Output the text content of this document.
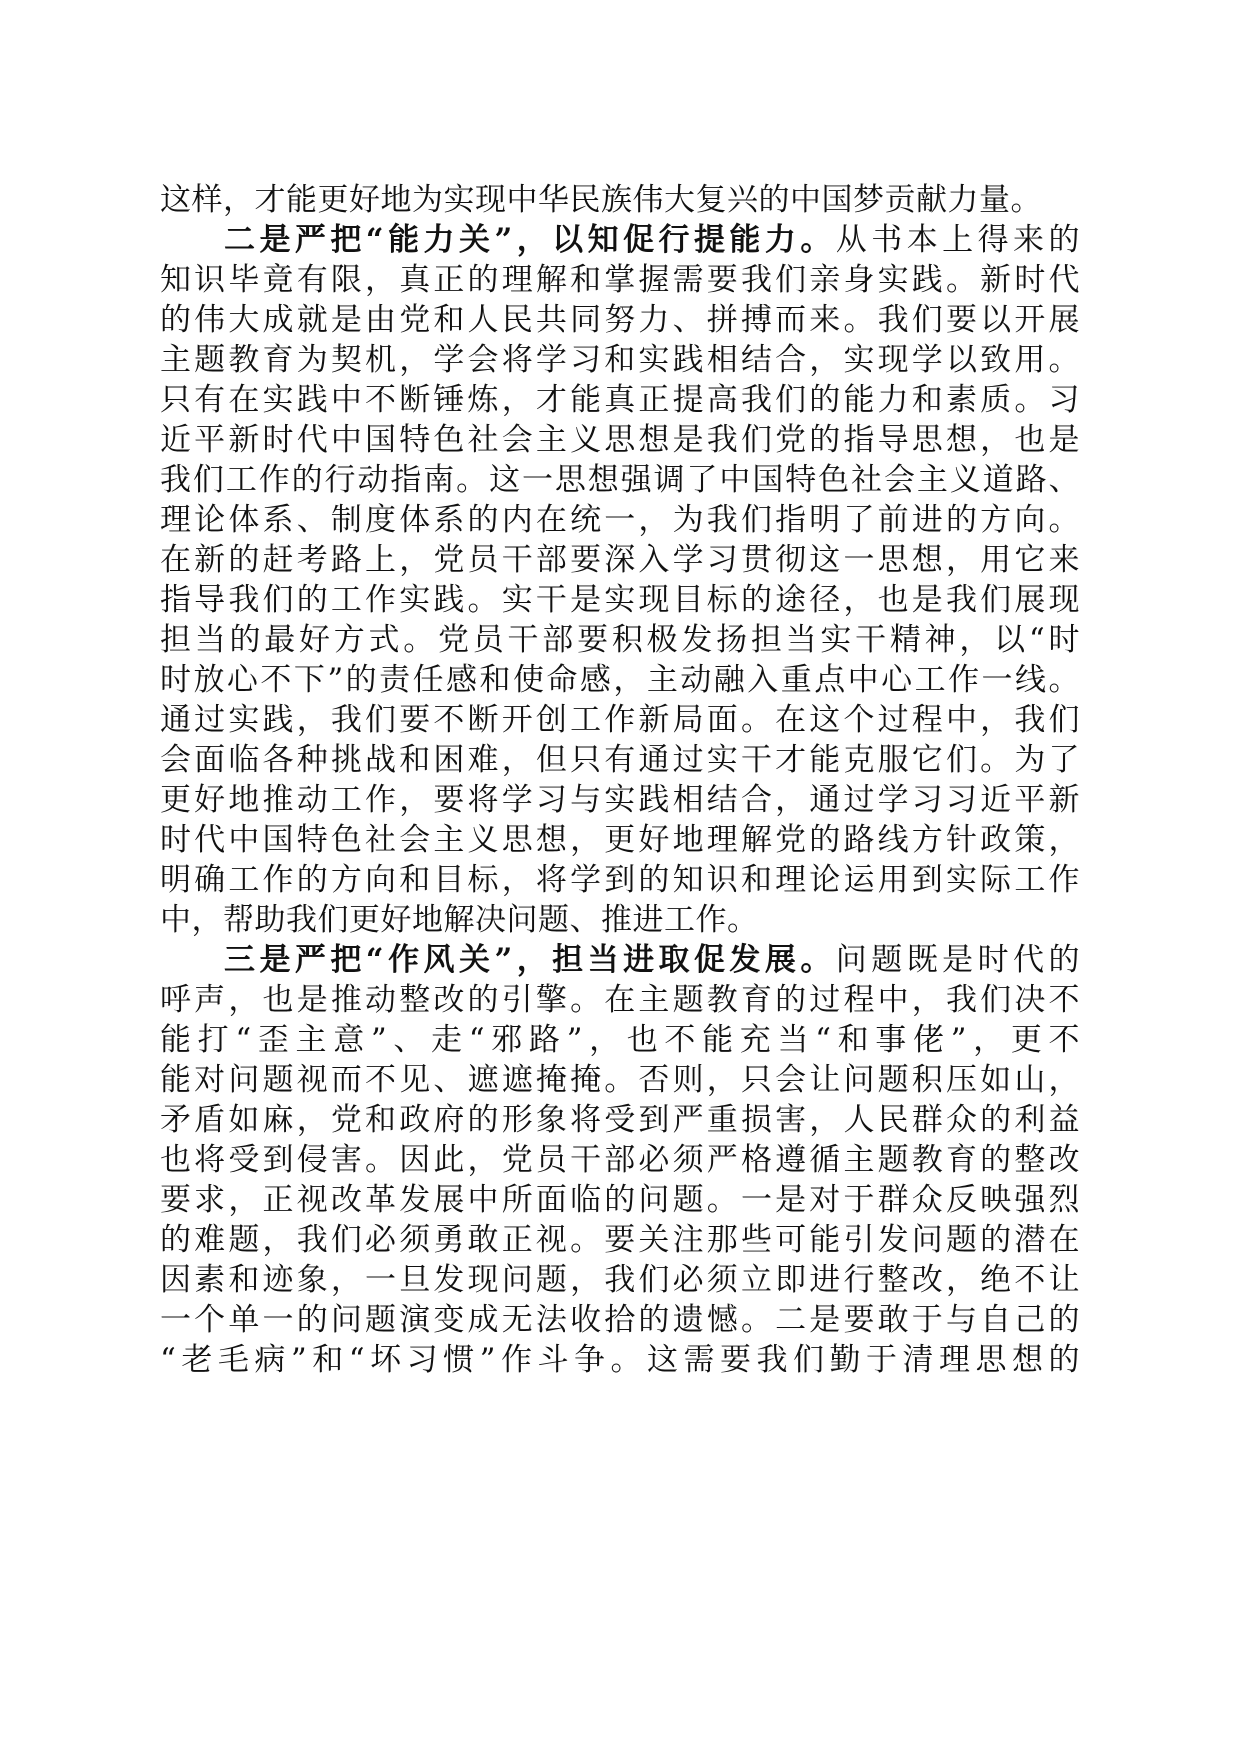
这样，才能更好地为实现中华民族伟大复兴的中国梦贡献力量。
二是严把“能力关”，以知促行提能力。从书本上得来的
知识毕竟有限，真正的理解和掌握需要我们亲身实践。新时代
的伟大成就是由党和人民共同努力、拼搏而来。我们要以开展
主题教育为契机，学会将学习和实践相结合，实现学以致用。
只有在实践中不断锤炼，才能真正提高我们的能力和素质。习
近平新时代中国特色社会主义思想是我们党的指导思想，也是
我们工作的行动指南。这一思想强调了中国特色社会主义道路、
理论体系、制度体系的内在统一，为我们指明了前进的方向。
在新的赶考路上，党员干部要深入学习贯彻这一思想，用它来
指导我们的工作实践。实干是实现目标的途径，也是我们展现
担当的最好方式。党员干部要积极发扬担当实干精神，以“时
时放心不下”的责任感和使命感，主动融入重点中心工作一线。
通过实践，我们要不断开创工作新局面。在这个过程中，我们
会面临各种挑战和困难，但只有通过实干才能克服它们。为了
更好地推动工作，要将学习与实践相结合，通过学习习近平新
时代中国特色社会主义思想，更好地理解党的路线方针政策，
明确工作的方向和目标，将学到的知识和理论运用到实际工作
中，帮助我们更好地解决问题、推进工作。
三是严把“作风关”，担当进取促发展。问题既是时代的
呼声，也是推动整改的引擎。在主题教育的过程中，我们决不
能打“歪主意”、走“邪路”，也不能充当“和事佬”，更不
能对问题视而不见、遮遮掩掩。否则，只会让问题积压如山，
矛盾如麻，党和政府的形象将受到严重损害，人民群众的利益
也将受到侵害。因此，党员干部必须严格遵循主题教育的整改
要求，正视改革发展中所面临的问题。一是对于群众反映强烈
的难题，我们必须勇敢正视。要关注那些可能引发问题的潜在
因素和迹象，一旦发现问题，我们必须立即进行整改，绝不让
一个单一的问题演变成无法收拾的遗憾。二是要敢于与自己的
“老毛病”和“坏习惯”作斗争。这需要我们勤于清理思想的
